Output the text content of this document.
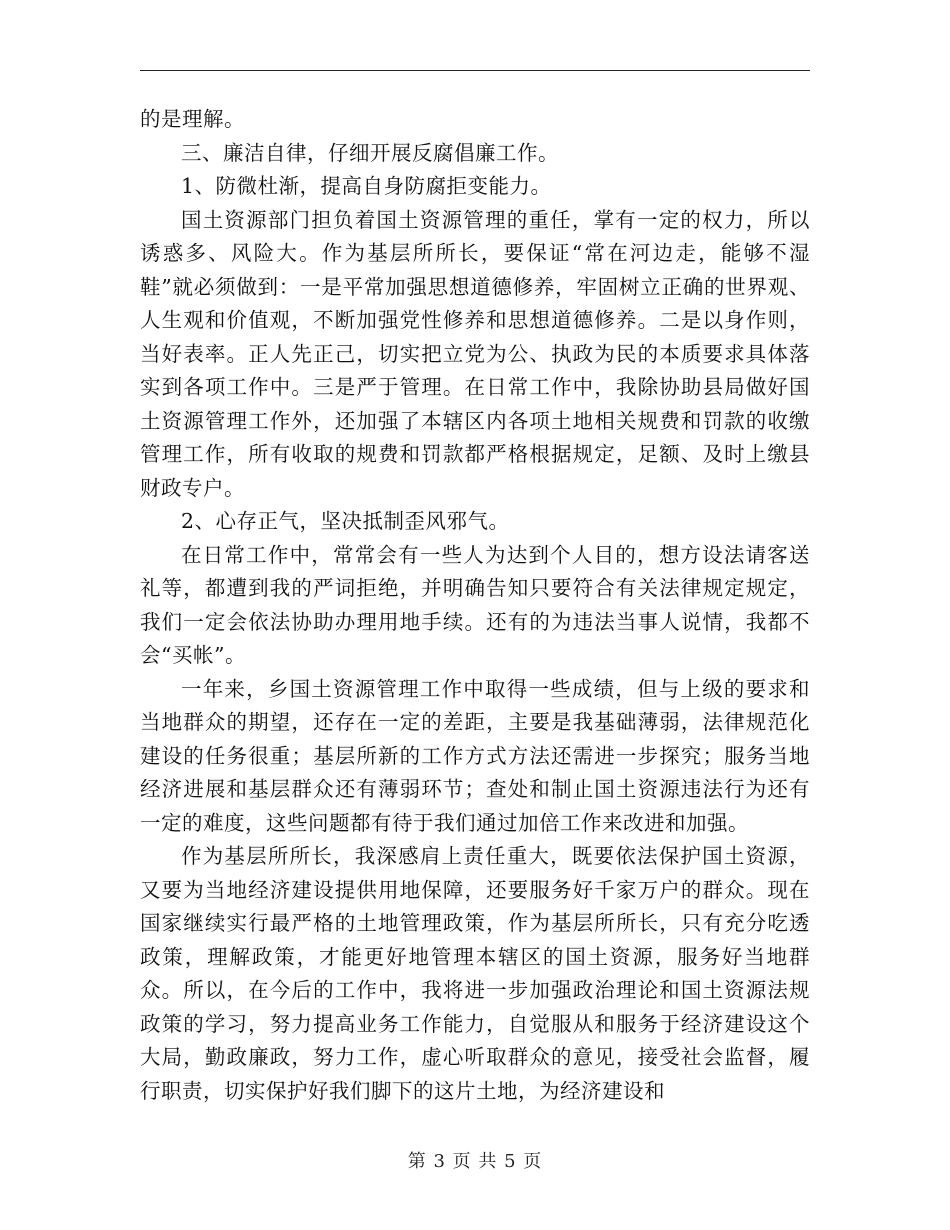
的是理解。

三、廉洁自律，仔细开展反腐倡廉工作。

1、防微杜渐，提高自身防腐拒变能力。

国土资源部门担负着国土资源管理的重任，掌有一定的权力，所以诱惑多、风险大。作为基层所所长，要保证“常在河边走，能够不湿鞋”就必须做到：一是平常加强思想道德修养，牢固树立正确的世界观、人生观和价值观，不断加强党性修养和思想道德修养。二是以身作则，当好表率。正人先正己，切实把立党为公、执政为民的本质要求具体落实到各项工作中。三是严于管理。在日常工作中，我除协助县局做好国土资源管理工作外，还加强了本辖区内各项土地相关规费和罚款的收缴管理工作，所有收取的规费和罚款都严格根据规定，足额、及时上缴县财政专户。

2、心存正气，坚决抵制歪风邪气。

在日常工作中，常常会有一些人为达到个人目的，想方设法请客送礼等，都遭到我的严词拒绝，并明确告知只要符合有关法律规定规定，我们一定会依法协助办理用地手续。还有的为违法当事人说情，我都不会“买帐”。

一年来，乡国土资源管理工作中取得一些成绩，但与上级的要求和当地群众的期望，还存在一定的差距，主要是我基础薄弱，法律规范化建设的任务很重；基层所新的工作方式方法还需进一步探究；服务当地经济进展和基层群众还有薄弱环节；查处和制止国土资源违法行为还有一定的难度，这些问题都有待于我们通过加倍工作来改进和加强。

作为基层所所长，我深感肩上责任重大，既要依法保护国土资源，又要为当地经济建设提供用地保障，还要服务好千家万户的群众。现在国家继续实行最严格的土地管理政策，作为基层所所长，只有充分吃透政策，理解政策，才能更好地管理本辖区的国土资源，服务好当地群众。所以，在今后的工作中，我将进一步加强政治理论和国土资源法规政策的学习，努力提高业务工作能力，自觉服从和服务于经济建设这个大局，勤政廉政，努力工作，虚心听取群众的意见，接受社会监督，履行职责，切实保护好我们脚下的这片土地，为经济建设和

第 3 页 共 5 页
